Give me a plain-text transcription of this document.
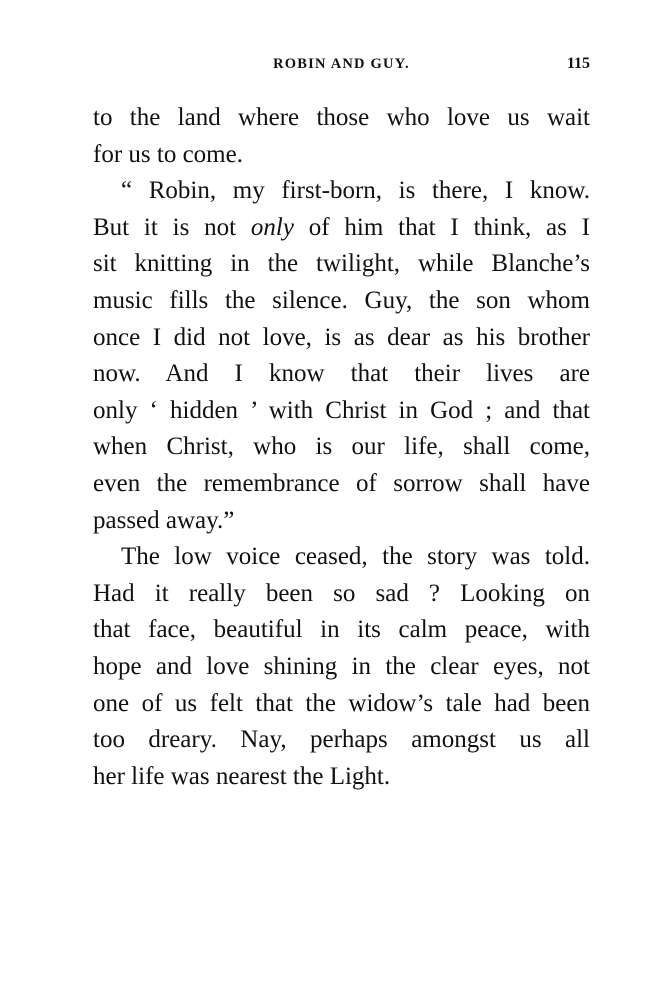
ROBIN AND GUY.	115
to the land where those who love us wait
for us to come.
“ Robin, my first-born, is there, I know.
But it is not only of him that I think, as I
sit knitting in the twilight, while Blanche’s
music fills the silence. Guy, the son whom
once I did not love, is as dear as his brother
now. And I know that their lives are
only ‘ hidden ’ with Christ in God ; and that
when Christ, who is our life, shall come,
even the remembrance of sorrow shall have
passed away.”
The low voice ceased, the story was told.
Had it really been so sad ? Looking on
that face, beautiful in its calm peace, with
hope and love shining in the clear eyes, not
one of us felt that the widow’s tale had been
too dreary. Nay, perhaps amongst us all
her life was nearest the Light.
